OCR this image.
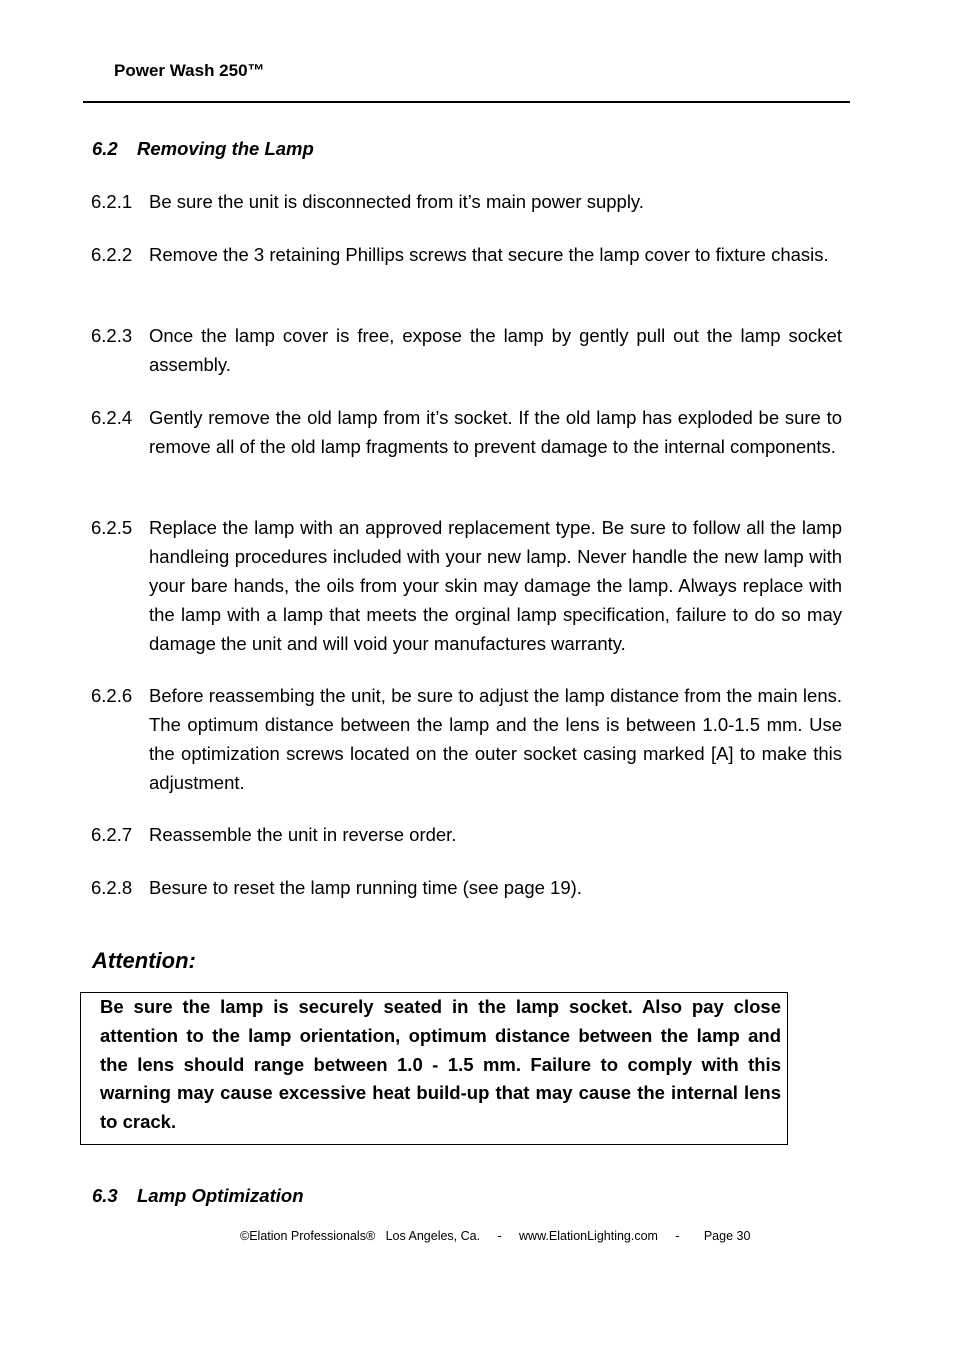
Power Wash 250™
6.2 Removing the Lamp
6.2.1 Be sure the unit is disconnected from it’s main power supply.
6.2.2 Remove the 3 retaining Phillips screws that secure the lamp cover to fixture chasis.
6.2.3 Once the lamp cover is free, expose the lamp by gently pull out the lamp socket assembly.
6.2.4 Gently remove the old lamp from it’s socket. If the old lamp has exploded be sure to remove all of the old lamp fragments to prevent damage to the internal components.
6.2.5 Replace the lamp with an approved replacement type. Be sure to follow all the lamp handleing procedures included with your new lamp. Never handle the new lamp with your bare hands, the oils from your skin may damage the lamp. Always replace with the lamp with a lamp that meets the orginal lamp specification, failure to do so may damage the unit and will void your manufactures warranty.
6.2.6 Before reassembing the unit, be sure to adjust the lamp distance from the main lens. The optimum distance between the lamp and the lens is between 1.0-1.5 mm. Use the optimization screws located on the outer socket casing marked [A] to make this adjustment.
6.2.7 Reassemble the unit in reverse order.
6.2.8 Besure to reset the lamp running time (see page 19).
Attention:
Be sure the lamp is securely seated in the lamp socket. Also pay close attention to the lamp orientation, optimum distance between the lamp and the lens should range between 1.0 - 1.5 mm. Failure to comply with this warning may cause excessive heat build-up that may cause the internal lens to crack.
6.3 Lamp Optimization
©Elation Professionals® Los Angeles, Ca. - www.ElationLighting.com - Page 30
